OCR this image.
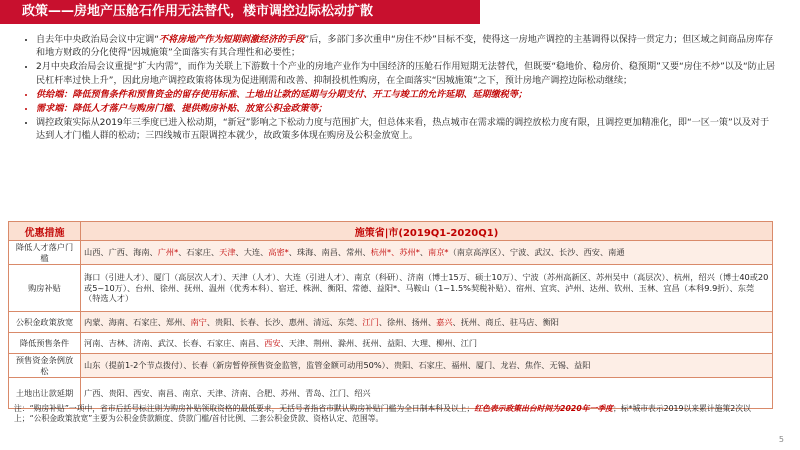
政策——房地产压舱石作用无法替代，楼市调控边际松动扩散
• 自去年中央政治局会议中定调“不将房地产作为短期刺激经济的手段”后，多部门多次重申“房住不炒”目标不变，使得这一房地产调控的主基调得以保持一贯定力；但区域之间商品房库存和地方财政的分化使得“因城施策”全面落实有其合理性和必要性；
• 2月中央政治局会议重提“扩大内需”，而作为关联上下游数十个产业的房地产业作为中国经济的压舱石作用短期无法替代，但既要“稳地价、稳房价、稳预期”又要“房住不炒”以及“防止居民杠杆率过快上升”，因此房地产调控政策将体现为促进刚需和改善、抑制投机性购房，在全面落实“因城施策”之下，预计房地产调控边际松动继续；
• 供给端：降低预售条件和预售资金的留存使用标准、土地出让款的延期与分期支付、开工与竣工的允许延期、延期缴税等；
• 需求端：降低人才落户与购房门槛、提供购房补贴、放宽公积金政策等；
• 调控政策实际从2019年三季度已进入松动期，“新冠”影响之下松动力度与范围扩大，但总体来看，热点城市在需求端的调控放松力度有限，且调控更加精准化，即“一区一策”以及对于达到人才门槛人群的松动；三四线城市五限调控本就少，故政策多体现在购房及公积金放宽上。
优惠措施	施策省|市(2019Q1-2020Q1)
降低人才落户门槛	山西、广西、海南、广州*、石家庄、天津、大连、高密*、珠海、南昌、常州、杭州*、苏州*、南京*（南京高淳区）、宁波、武汉、长沙、西安、南通
购房补贴	海口（引进人才）、厦门（高层次人才）、天津（人才）、大连（引进人才）、南京（科研）、济南（博士15万、硕士10万）、宁波（苏州高新区、苏州吴中（高层次）、杭州，绍兴（博士40或20或5~10万）、台州、徐州、抚州、温州（优秀本科）、宿迁、株洲、衡阳、常德、益阳*、马鞍山（1~1.5%契税补贴）、宿州、宜宾、泸州、达州、钦州、玉林、宜昌（本科9.9折）、东莞（特选人才）
公积金政策放宽	内蒙、海南、石家庄、郑州、南宁、贵阳、长春、长沙、惠州、清远、东莞、江门、徐州、扬州、嘉兴、抚州、商丘、驻马店、衡阳
降低预售条件	河南、吉林、济南、武汉、长春、石家庄、南昌、西安、天津、荆州、滁州、抚州、益阳、大理、柳州、江门
预售资金条例放松	山东（提前1-2个节点拨付）、长春（新房暂停预售资金监管，监管金额可动用50%）、贵阳、石家庄、福州、厦门、龙岩、焦作、无锡、益阳
土地出让款延期	广西、贵阳、西安、南昌、南京、天津、济南、合肥、苏州、青岛、江门、绍兴
注：“购房补贴”一项中，省市后括号标注则为购房补贴领取资格的最低要求，无括号者指省市默认购房补贴门槛为全日制本科及以上；红色表示政策出台时间为2020年一季度；标*城市表示2019以来累计施策2次以上；“公积金政策放宽”主要为公积金贷款额度、贷款门槛/首付比例、二套公积金贷款、资格认定、范围等。
5
